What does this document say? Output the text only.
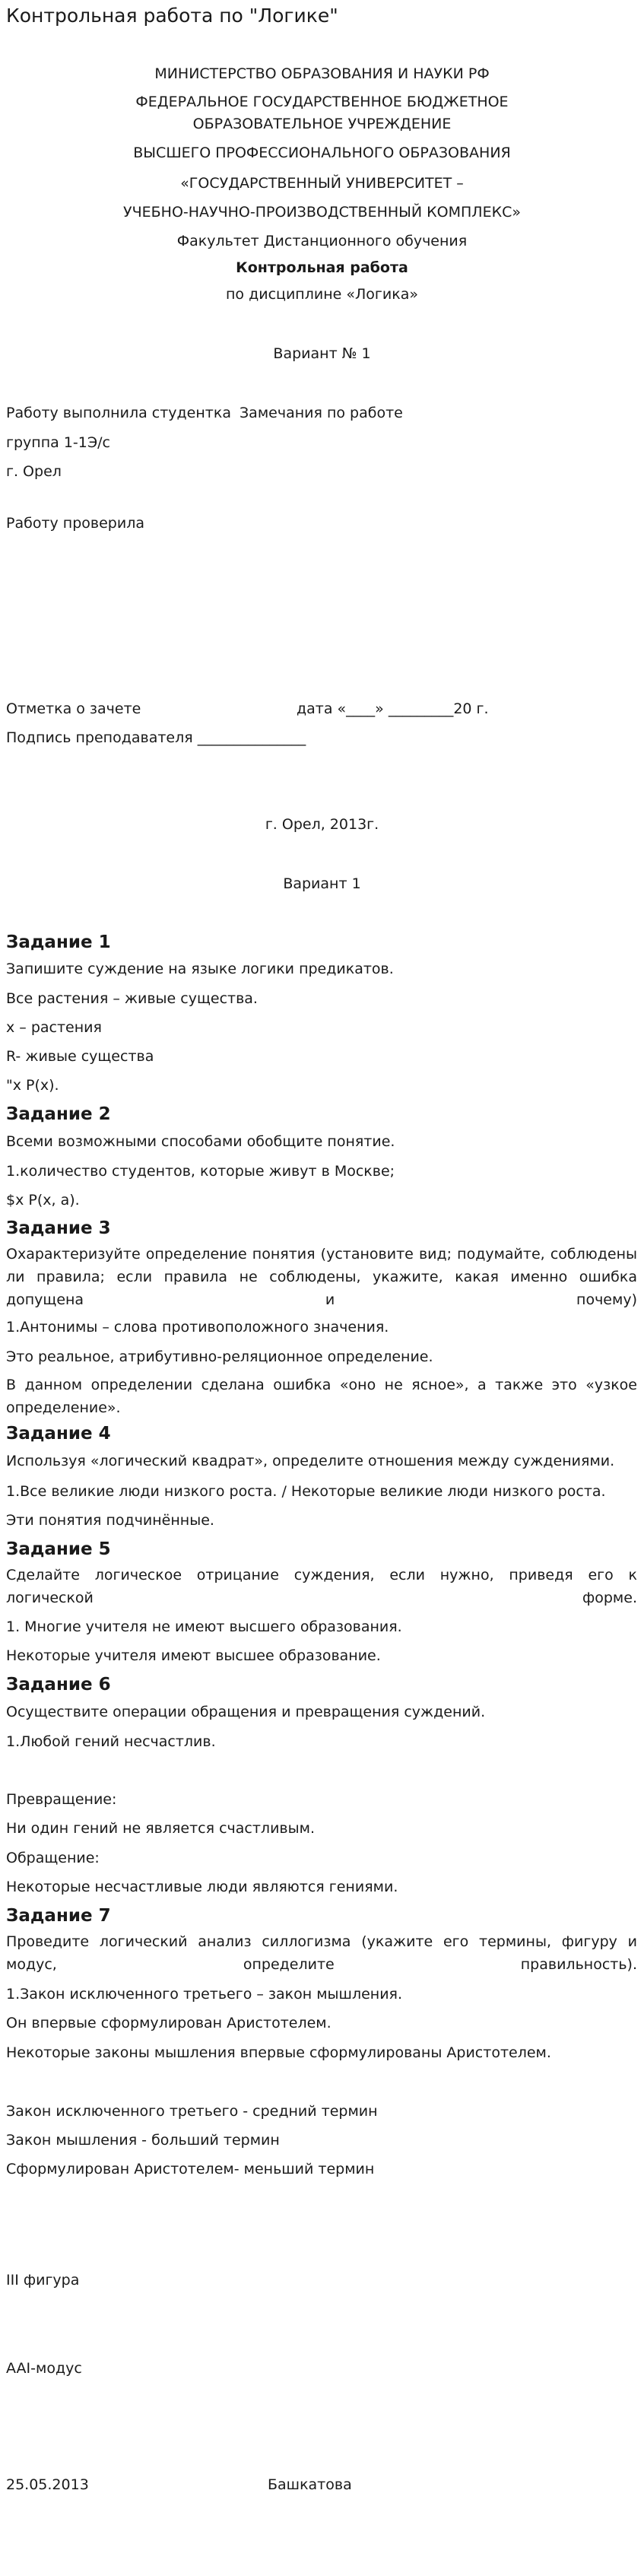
Контрольная работа по "Логике"
МИНИСТЕРСТВО ОБРАЗОВАНИЯ И НАУКИ РФ
ФЕДЕРАЛЬНОЕ ГОСУДАРСТВЕННОЕ БЮДЖЕТНОЕ
ОБРАЗОВАТЕЛЬНОЕ УЧРЕЖДЕНИЕ
ВЫСШЕГО ПРОФЕССИОНАЛЬНОГО ОБРАЗОВАНИЯ
«ГОСУДАРСТВЕННЫЙ УНИВЕРСИТЕТ –
УЧЕБНО-НАУЧНО-ПРОИЗВОДСТВЕННЫЙ КОМПЛЕКС»
Факультет Дистанционного обучения
Контрольная работа
по дисциплине «Логика»
Вариант № 1
Работу выполнила студентка Замечания по работе
группа 1-1Э/с
г. Орел
Работу проверила
Отметка о зачете	дата «____» _________20 г.
Подпись преподавателя _______________
г. Орел, 2013г.
Вариант 1
Задание 1
Запишите суждение на языке логики предикатов.
Все растения – живые существа.
x – растения
R- живые существа
"x P(x).
Задание 2
Всеми возможными способами обобщите понятие.
1.количество студентов, которые живут в Москве;
$x P(x, a).
Задание 3
Охарактеризуйте определение понятия (установите вид; подумайте, соблюдены ли правила; если правила не соблюдены, укажите, какая именно ошибка допущена и почему)
1.Антонимы – слова противоположного значения.
Это реальное, атрибутивно-реляционное определение.
В данном определении сделана ошибка «оно не ясное», а также это «узкое определение».
Задание 4
Используя «логический квадрат», определите отношения между суждениями.
1.Все великие люди низкого роста. / Некоторые великие люди низкого роста.
Эти понятия подчинённые.
Задание 5
Сделайте логическое отрицание суждения, если нужно, приведя его к логической форме.
1. Многие учителя не имеют высшего образования.
Некоторые учителя имеют высшее образование.
Задание 6
Осуществите операции обращения и превращения суждений.
1.Любой гений несчастлив.
Превращение:
Ни один гений не является счастливым.
Обращение:
Некоторые несчастливые люди являются гениями.
Задание 7
Проведите логический анализ силлогизма (укажите его термины, фигуру и модус, определите правильность).
1.Закон исключенного третьего – закон мышления.
Он впервые сформулирован Аристотелем.
Некоторые законы мышления впервые сформулированы Аристотелем.
Закон исключенного третьего - средний термин
Закон мышления - больший термин
Сформулирован Аристотелем- меньший термин
III фигура
AAI-модус
25.05.2013	Башкатова
